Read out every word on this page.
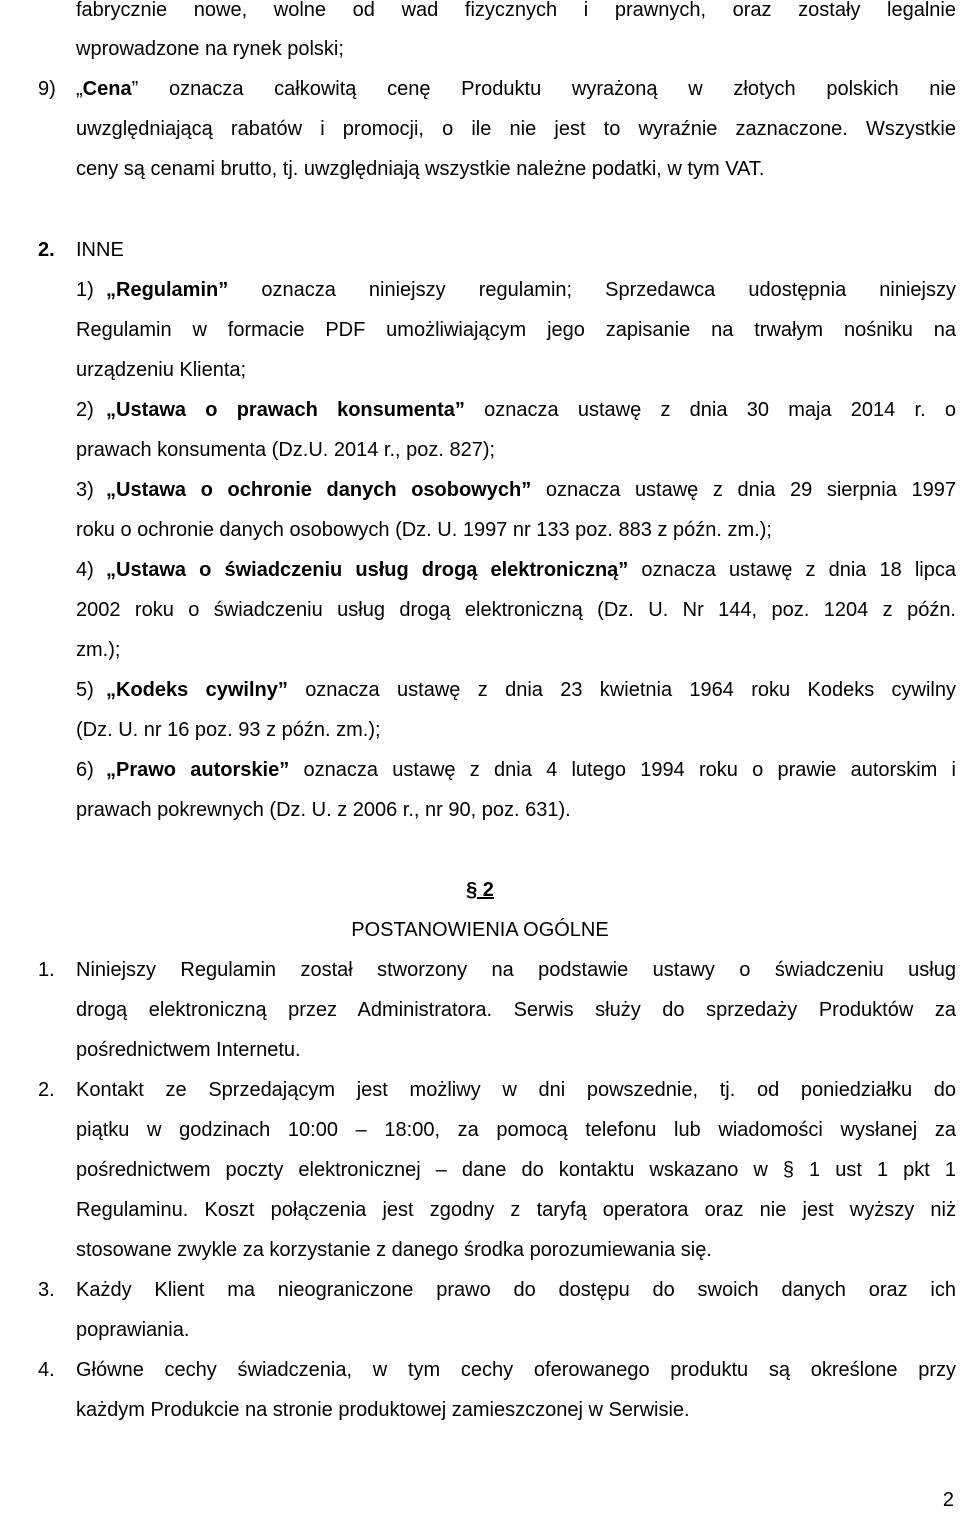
fabrycznie nowe, wolne od wad fizycznych i prawnych, oraz zostały legalnie
wprowadzone na rynek polski;
9) „Cena” oznacza całkowitą cenę Produktu wyrażoną w złotych polskich nie
uwzględniającą rabatów i promocji, o ile nie jest to wyraźnie zaznaczone. Wszystkie
ceny są cenami brutto, tj. uwzględniają wszystkie należne podatki, w tym VAT.
2. INNE
1) „Regulamin” oznacza niniejszy regulamin; Sprzedawca udostępnia niniejszy
Regulamin w formacie PDF umożliwiającym jego zapisanie na trwałym nośniku na
urządzeniu Klienta;
2) „Ustawa o prawach konsumenta” oznacza ustawę z dnia 30 maja 2014 r. o
prawach konsumenta (Dz.U. 2014 r., poz. 827);
3) „Ustawa o ochronie danych osobowych” oznacza ustawę z dnia 29 sierpnia 1997
roku o ochronie danych osobowych (Dz. U. 1997 nr 133 poz. 883 z późn. zm.);
4) „Ustawa o świadczeniu usług drogą elektroniczną” oznacza ustawę z dnia 18 lipca
2002 roku o świadczeniu usług drogą elektroniczną (Dz. U. Nr 144, poz. 1204 z późn.
zm.);
5) „Kodeks cywilny” oznacza ustawę z dnia 23 kwietnia 1964 roku Kodeks cywilny
(Dz. U. nr 16 poz. 93 z późn. zm.);
6) „Prawo autorskie” oznacza ustawę z dnia 4 lutego 1994 roku o prawie autorskim i
prawach pokrewnych (Dz. U. z 2006 r., nr 90, poz. 631).
§ 2
POSTANOWIENIA OGÓLNE
1. Niniejszy Regulamin został stworzony na podstawie ustawy o świadczeniu usług
drogą elektroniczną przez Administratora. Serwis służy do sprzedaży Produktów za
pośrednictwem Internetu.
2. Kontakt ze Sprzedającym jest możliwy w dni powszednie, tj. od poniedziałku do
piątku w godzinach 10:00 – 18:00, za pomocą telefonu lub wiadomości wysłanej za
pośrednictwem poczty elektronicznej – dane do kontaktu wskazano w § 1 ust 1 pkt 1
Regulaminu. Koszt połączenia jest zgodny z taryfą operatora oraz nie jest wyższy niż
stosowane zwykle za korzystanie z danego środka porozumiewania się.
3. Każdy Klient ma nieograniczone prawo do dostępu do swoich danych oraz ich
poprawiania.
4. Główne cechy świadczenia, w tym cechy oferowanego produktu są określone przy
każdym Produkcie na stronie produktowej zamieszczonej w Serwisie.
2
